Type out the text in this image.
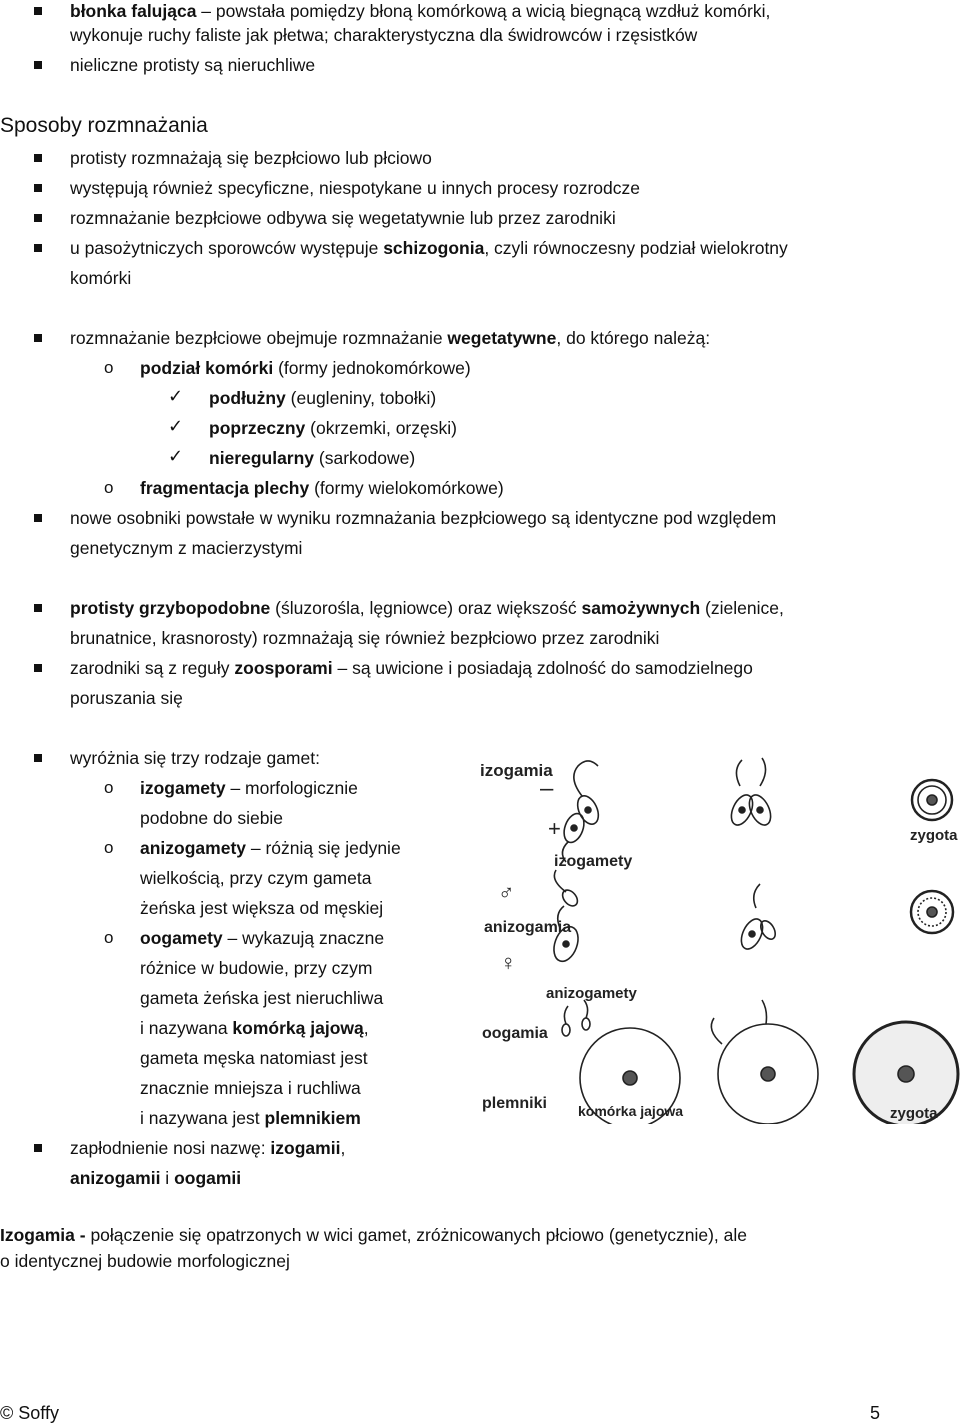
błonka falująca – powstała pomiędzy błoną komórkową a wicią biegnącą wzdłuż komórki,
wykonuje ruchy faliste jak płetwa; charakterystyczna dla świdrowców i rzęsistków
nieliczne protisty są nieruchliwe
Sposoby rozmnażania
protisty rozmnażają się bezpłciowo lub płciowo
występują również specyficzne, niespotykane u innych procesy rozrodcze
rozmnażanie bezpłciowe odbywa się wegetatywnie lub przez zarodniki
u pasożytniczych sporowców występuje schizogonia, czyli równoczesny podział wielokrotny
komórki
rozmnażanie bezpłciowe obejmuje rozmnażanie wegetatywne, do którego należą:
o podział komórki (formy jednokomórkowe)
✓ podłużny (eugleniny, tobołki)
✓ poprzeczny (okrzemki, orzęski)
✓ nieregularny (sarkodowe)
o fragmentacja plechy (formy wielokomórkowe)
nowe osobniki powstałe w wyniku rozmnażania bezpłciowego są identyczne pod względem
genetycznym z macierzystymi
protisty grzybopodobne (śluzorośla, lęgniowce) oraz większość samożywnych (zielenice,
brunatnice, krasnorosty) rozmnażają się również bezpłciowo przez zarodniki
zarodniki są z reguły zoosporami – są uwicione i posiadają zdolność do samodzielnego
poruszania się
wyróżnia się trzy rodzaje gamet:
o izogamety – morfologicznie
podobne do siebie
o anizogamety – różnią się jedynie
wielkością, przy czym gameta
żeńska jest większa od męskiej
o oogamety – wykazują znaczne
różnice w budowie, przy czym
gameta żeńska jest nieruchliwa
i nazywana komórką jajową,
gameta męska natomiast jest
znacznie mniejsza i ruchliwa
i nazywana jest plemnikiem
zapłodnienie nosi nazwę: izogamii,
anizogamii i oogamii
Izogamia - połączenie się opatrzonych w wici gamet, zróżnicowanych płciowo (genetycznie), ale
o identycznej budowie morfologicznej
izogamia
–
+
izogamety
zygota
♂
anizogamia
♀
anizogamety
oogamia
plemniki komórka jajowa	zygota
© Soffy	5
